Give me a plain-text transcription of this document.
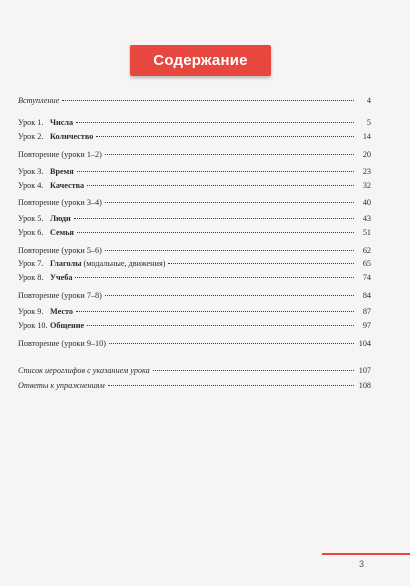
Содержание
Вступление	4
Урок 1. Числа	5
Урок 2. Количество	14
Повторение (уроки 1–2)	20
Урок 3. Время	23
Урок 4. Качества	32
Повторение (уроки 3–4)	40
Урок 5. Люди	43
Урок 6. Семья	51
Повторение (уроки 5–6)	62
Урок 7. Глаголы (модальные, движения)	65
Урок 8. Учеба	74
Повторение (уроки 7–8)	84
Урок 9. Место	87
Урок 10. Общение	97
Повторение (уроки 9–10)	104
Список иероглифов с указанием урока	107
Ответы к упражнениям	108
3
